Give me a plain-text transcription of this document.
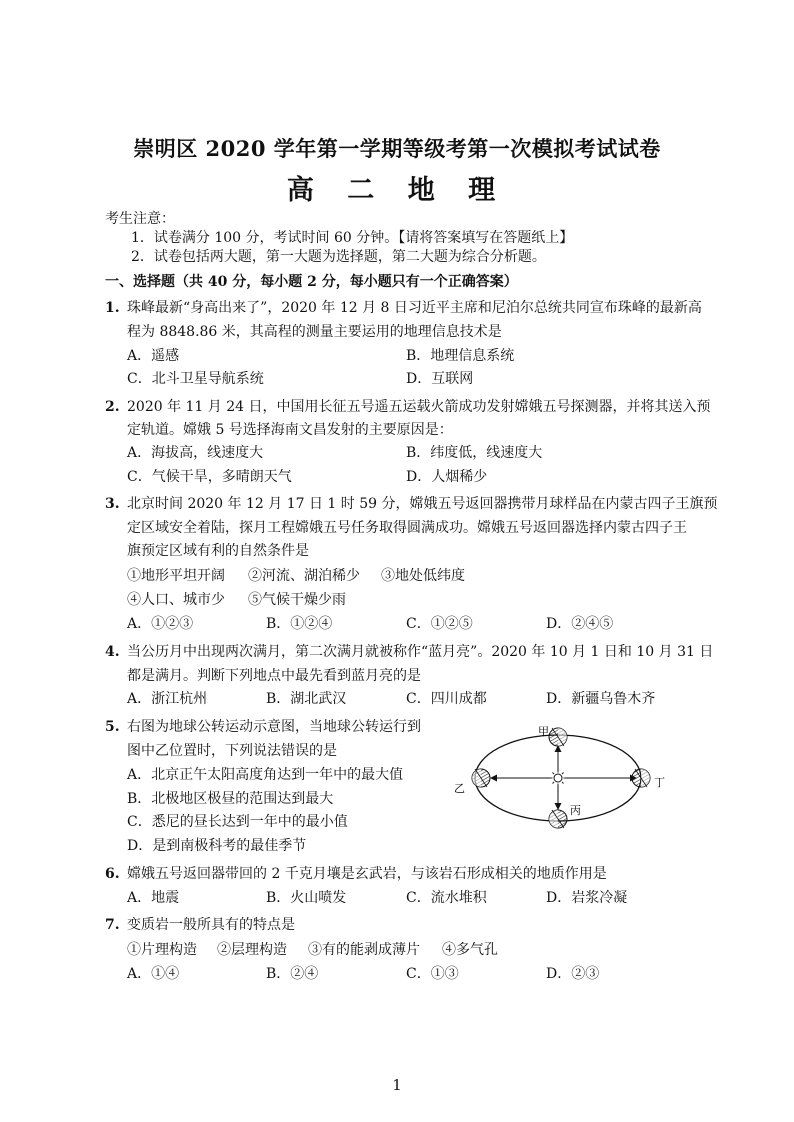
崇明区 2020 学年第一学期等级考第一次模拟考试试卷
高 二 地 理
考生注意：
1．试卷满分 100 分，考试时间 60 分钟。【请将答案填写在答题纸上】
2．试卷包括两大题，第一大题为选择题，第二大题为综合分析题。
一、选择题（共 40 分，每小题 2 分，每小题只有一个正确答案）
1. 珠峰最新“身高出来了”，2020 年 12 月 8 日习近平主席和尼泊尔总统共同宣布珠峰的最新高
程为 8848.86 米，其高程的测量主要运用的地理信息技术是
A．遥感	B．地理信息系统
C．北斗卫星导航系统	D．互联网
2. 2020 年 11 月 24 日，中国用长征五号遥五运载火箭成功发射嫦娥五号探测器，并将其送入预
定轨道。嫦娥 5 号选择海南文昌发射的主要原因是：
A．海拔高，线速度大	B．纬度低，线速度大
C．气候干旱，多晴朗天气	D．人烟稀少
3. 北京时间 2020 年 12 月 17 日 1 时 59 分，嫦娥五号返回器携带月球样品在内蒙古四子王旗预
定区域安全着陆，探月工程嫦娥五号任务取得圆满成功。嫦娥五号返回器选择内蒙古四子王
旗预定区域有利的自然条件是
①地形平坦开阔 ②河流、湖泊稀少 ③地处低纬度
④人口、城市少 ⑤气候干燥少雨
A．①②③	B．①②④	C．①②⑤	D．②④⑤
4. 当公历月中出现两次满月，第二次满月就被称作“蓝月亮”。2020 年 10 月 1 日和 10 月 31 日
都是满月。判断下列地点中最先看到蓝月亮的是
A．浙江杭州	B．湖北武汉	C．四川成都	D．新疆乌鲁木齐
5. 右图为地球公转运动示意图，当地球公转运行到
图中乙位置时，下列说法错误的是
A．北京正午太阳高度角达到一年中的最大值
B．北极地区极昼的范围达到最大
C．悉尼的昼长达到一年中的最小值
D．是到南极科考的最佳季节
甲
乙
丙
丁
6. 嫦娥五号返回器带回的 2 千克月壤是玄武岩，与该岩石形成相关的地质作用是
A．地震	B．火山喷发	C．流水堆积	D．岩浆冷凝
7. 变质岩一般所具有的特点是
①片理构造 ②层理构造 ③有的能剥成薄片 ④多气孔
A．①④	B．②④	C．①③	D．②③
1
